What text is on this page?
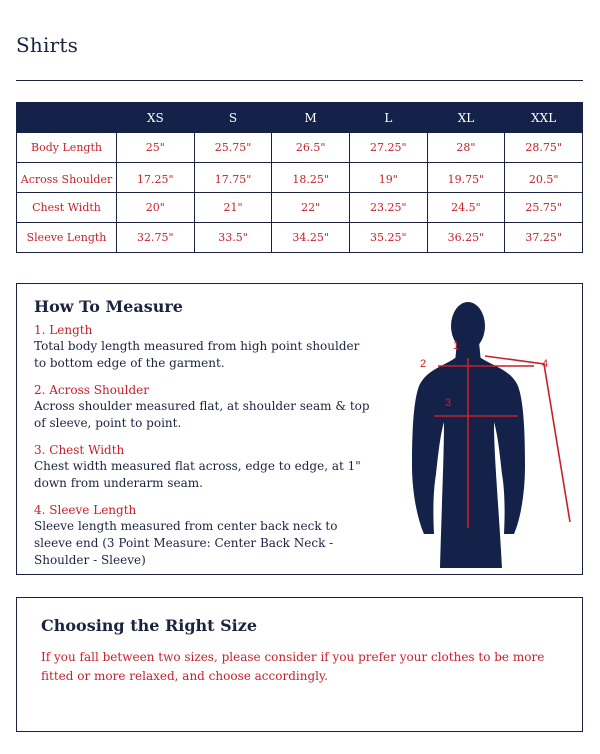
Shirts
	XS	S	M	L	XL	XXL
Body Length	25"	25.75"	26.5"	27.25"	28"	28.75"
Across Shoulder	17.25"	17.75"	18.25"	19"	19.75"	20.5"
Chest Width	20"	21"	22"	23.25"	24.5"	25.75"
Sleeve Length	32.75"	33.5"	34.25"	35.25"	36.25"	37.25"
How To Measure
1. Length
Total body length measured from high point shoulder to bottom edge of the garment.
2. Across Shoulder
Across shoulder measured flat, at shoulder seam & top of sleeve, point to point.
3. Chest Width
Chest width measured flat across, edge to edge, at 1" down from underarm seam.
4. Sleeve Length
Sleeve length measured from center back neck to sleeve end (3 Point Measure: Center Back Neck - Shoulder - Sleeve)
1
2
3
4
Choosing the Right Size

If you fall between two sizes, please consider if you prefer your clothes to be more fitted or more relaxed, and choose accordingly.
